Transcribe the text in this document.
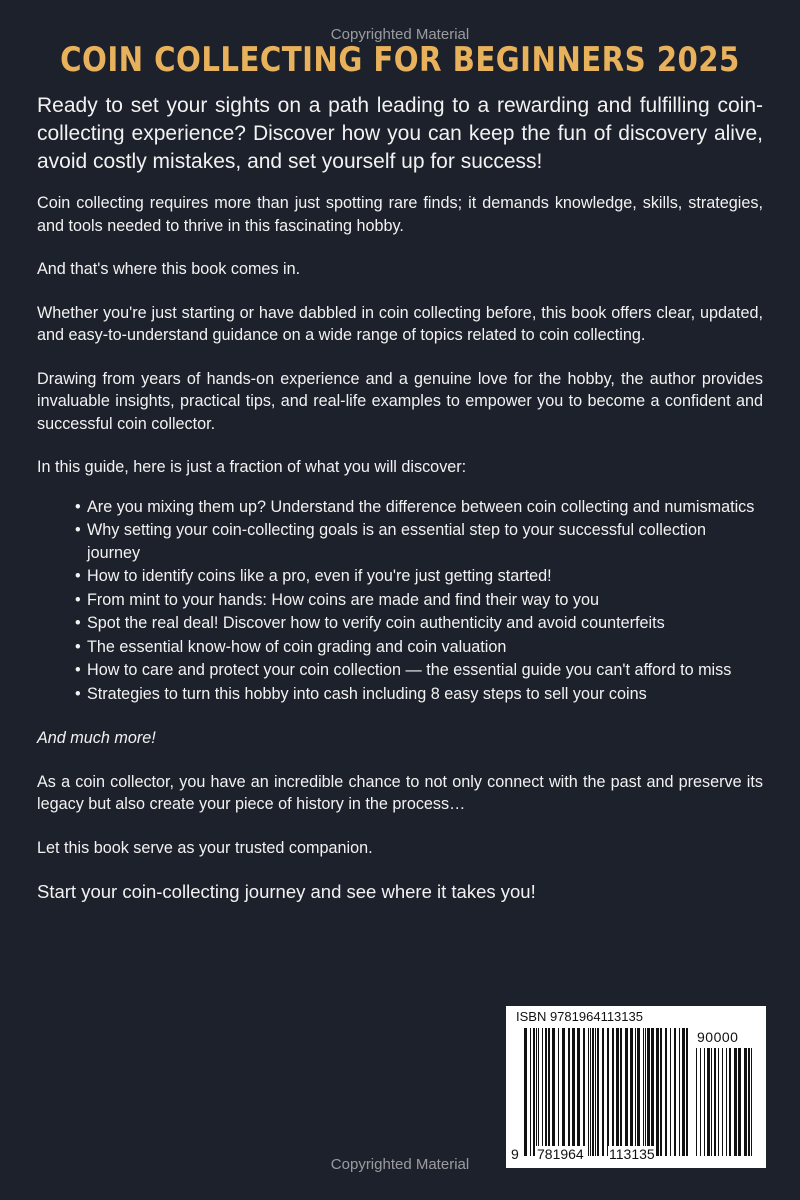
Copyrighted Material
COIN COLLECTING FOR BEGINNERS 2025

Ready to set your sights on a path leading to a rewarding and fulfilling coin-collecting experience? Discover how you can keep the fun of discovery alive, avoid costly mistakes, and set yourself up for success!

Coin collecting requires more than just spotting rare finds; it demands knowledge, skills, strategies, and tools needed to thrive in this fascinating hobby.

And that's where this book comes in.

Whether you're just starting or have dabbled in coin collecting before, this book offers clear, updated, and easy-to-understand guidance on a wide range of topics related to coin collecting.

Drawing from years of hands-on experience and a genuine love for the hobby, the author provides invaluable insights, practical tips, and real-life examples to empower you to become a confident and successful coin collector.

In this guide, here is just a fraction of what you will discover:

• Are you mixing them up? Understand the difference between coin collecting and numismatics
• Why setting your coin-collecting goals is an essential step to your successful collection journey
• How to identify coins like a pro, even if you're just getting started!
• From mint to your hands: How coins are made and find their way to you
• Spot the real deal! Discover how to verify coin authenticity and avoid counterfeits
• The essential know-how of coin grading and coin valuation
• How to care and protect your coin collection — the essential guide you can't afford to miss
• Strategies to turn this hobby into cash including 8 easy steps to sell your coins

And much more!

As a coin collector, you have an incredible chance to not only connect with the past and preserve its legacy but also create your piece of history in the process…

Let this book serve as your trusted companion.

Start your coin-collecting journey and see where it takes you!

ISBN 9781964113135
90000
9 781964 113135
Copyrighted Material
